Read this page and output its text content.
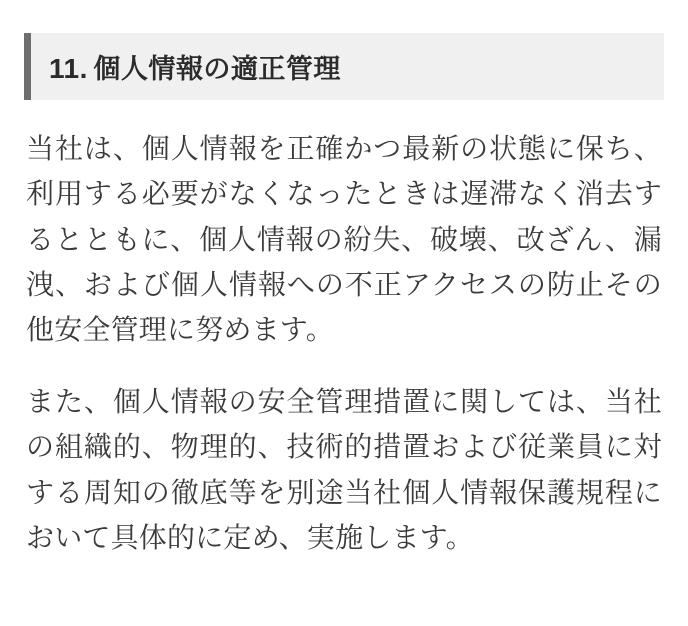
11 . 個人情報の適正管理

当社は、個人情報を正確かつ最新の状態に保ち、利用する必要がなくなったときは遅滞なく消去するとともに、個人情報の紛失、破壊、改ざん、漏洩、および個人情報への不正アクセスの防止その他安全管理に努めます。

また、個人情報の安全管理措置に関しては、当社の組織的、物理的、技術的措置および従業員に対する周知の徹底等を別途当社個人情報保護規程において具体的に定め、実施します。
